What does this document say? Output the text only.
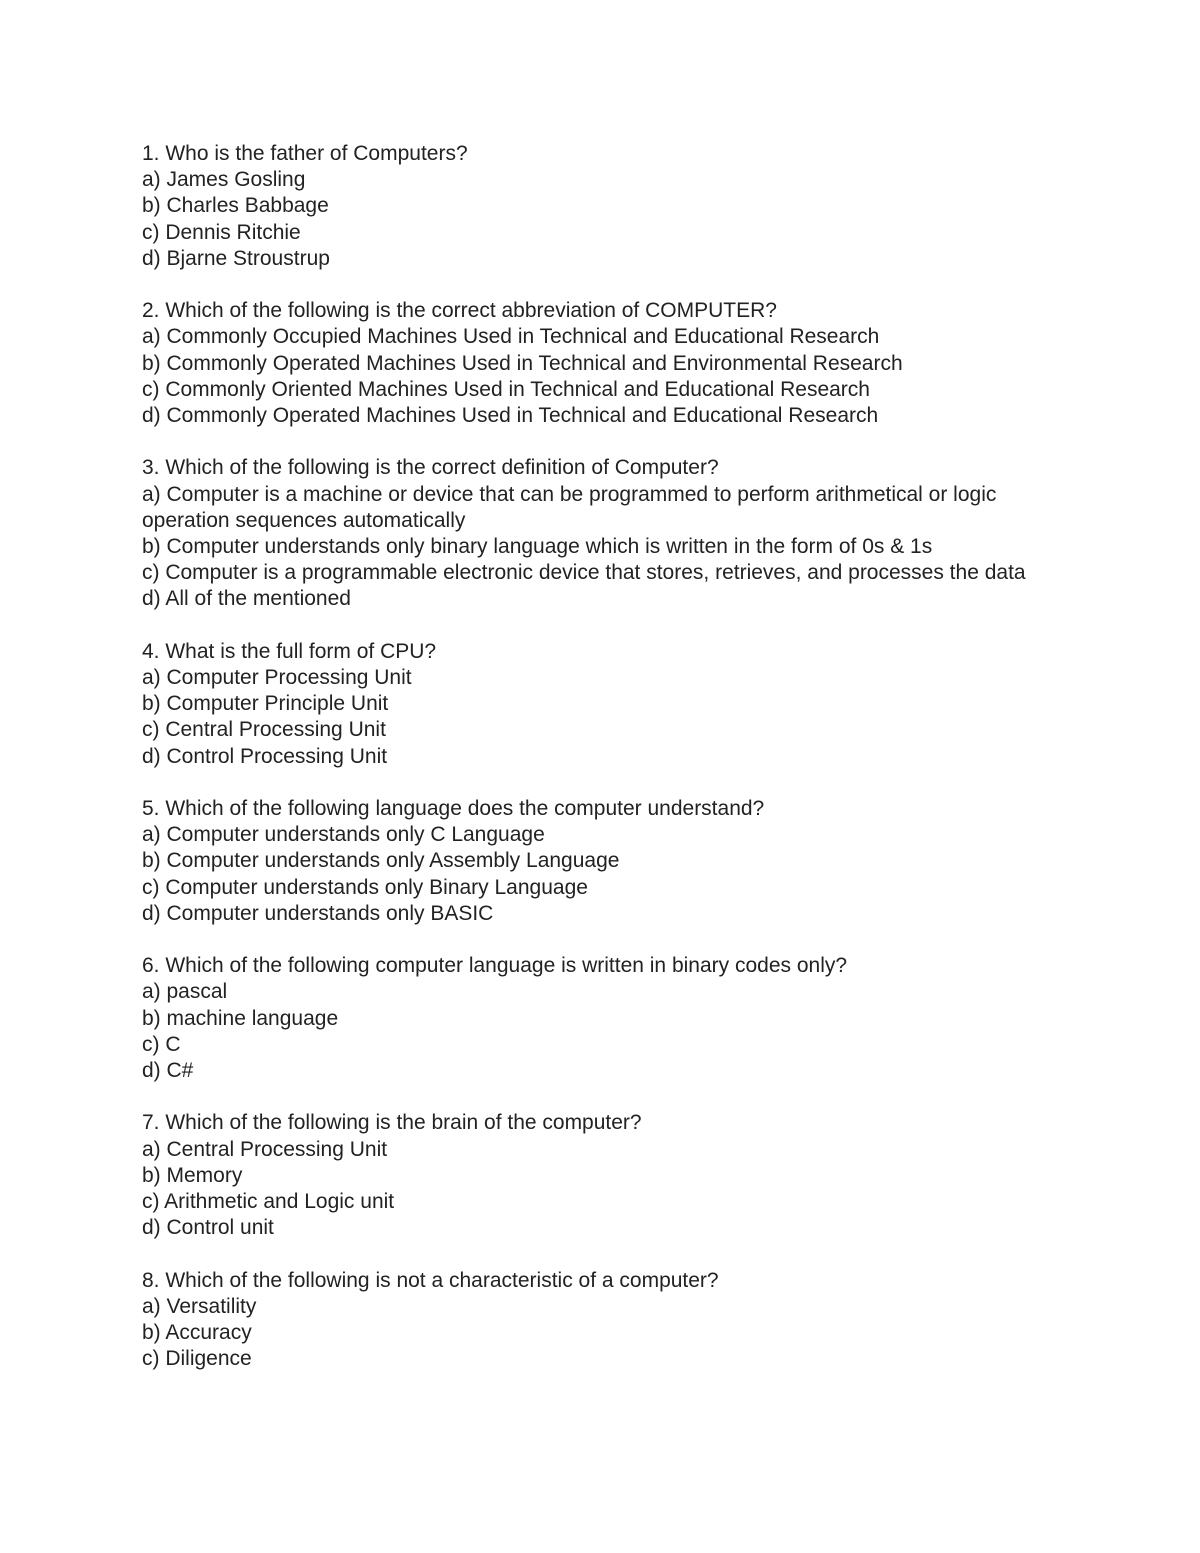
1. Who is the father of Computers?
a) James Gosling
b) Charles Babbage
c) Dennis Ritchie
d) Bjarne Stroustrup
2. Which of the following is the correct abbreviation of COMPUTER?
a) Commonly Occupied Machines Used in Technical and Educational Research
b) Commonly Operated Machines Used in Technical and Environmental Research
c) Commonly Oriented Machines Used in Technical and Educational Research
d) Commonly Operated Machines Used in Technical and Educational Research
3. Which of the following is the correct definition of Computer?
a) Computer is a machine or device that can be programmed to perform arithmetical or logic operation sequences automatically
b) Computer understands only binary language which is written in the form of 0s & 1s
c) Computer is a programmable electronic device that stores, retrieves, and processes the data
d) All of the mentioned
4. What is the full form of CPU?
a) Computer Processing Unit
b) Computer Principle Unit
c) Central Processing Unit
d) Control Processing Unit
5. Which of the following language does the computer understand?
a) Computer understands only C Language
b) Computer understands only Assembly Language
c) Computer understands only Binary Language
d) Computer understands only BASIC
6. Which of the following computer language is written in binary codes only?
a) pascal
b) machine language
c) C
d) C#
7. Which of the following is the brain of the computer?
a) Central Processing Unit
b) Memory
c) Arithmetic and Logic unit
d) Control unit
8. Which of the following is not a characteristic of a computer?
a) Versatility
b) Accuracy
c) Diligence
